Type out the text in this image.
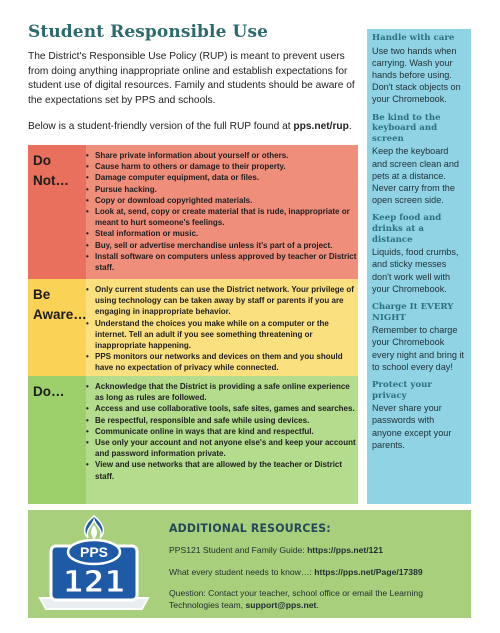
Student Responsible Use
The District's Responsible Use Policy (RUP) is meant to prevent users from doing anything inappropriate online and establish expectations for student use of digital resources. Family and students should be aware of the expectations set by PPS and schools.
Below is a student-friendly version of the full RUP found at pps.net/rup.
Do Not…
• Share private information about yourself or others.
• Cause harm to others or damage to their property.
• Damage computer equipment, data or files.
• Pursue hacking.
• Copy or download copyrighted materials.
• Look at, send, copy or create material that is rude, inappropriate or meant to hurt someone's feelings.
• Steal information or music.
• Buy, sell or advertise merchandise unless it's part of a project.
• Install software on computers unless approved by teacher or District staff.
Be Aware…
• Only current students can use the District network. Your privilege of using technology can be taken away by staff or parents if you are engaging in inappropriate behavior.
• Understand the choices you make while on a computer or the internet. Tell an adult if you see something threatening or inappropriate happening.
• PPS monitors our networks and devices on them and you should have no expectation of privacy while connected.
Do…
•	Acknowledge that the District is providing a safe online experience as long as rules are followed.
• Access and use collaborative tools, safe sites, games and searches.
• Be respectful, responsible and safe while using devices.
• Communicate online in ways that are kind and respectful.
• Use only your account and not anyone else's and keep your account and password information private.
• View and use networks that are allowed by the teacher or District staff.
Handle with care
Use two hands when carrying. Wash your hands before using. Don't stack objects on your Chromebook.
Be kind to the keyboard and screen
Keep the keyboard and screen clean and pets at a distance. Never carry from the open screen side.
Keep food and drinks at a distance
Liquids, food crumbs, and sticky messes don't work well with your Chromebook.
Charge It EVERY NIGHT
Remember to charge your Chromebook every night and bring it to school every day!
Protect your privacy
Never share your passwords with anyone except your parents.
PPS
121
ADDITIONAL RESOURCES:
PPS121 Student and Family Guide: https://pps.net/121
What every student needs to know…: https://pps.net/Page/17389
Question: Contact your teacher, school office or email the Learning Technologies team, support@pps.net.
